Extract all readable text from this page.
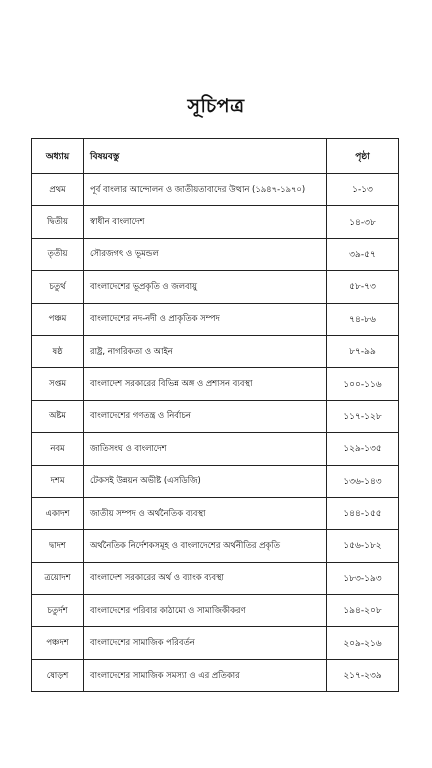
সূচিপত্র
অধ্যায়	বিষয়বস্তু	পৃষ্ঠা
প্রথম	পূর্ব বাংলার আন্দোলন ও জাতীয়তাবাদের উত্থান (১৯৪৭-১৯৭০)	১-১৩
দ্বিতীয়	স্বাধীন বাংলাদেশ	১৪-৩৮
তৃতীয়	সৌরজগৎ ও ভূমন্ডল	৩৯-৫৭
চতুর্থ	বাংলাদেশের ভূপ্রকৃতি ও জলবায়ু	৫৮-৭৩
পঞ্চম	বাংলাদেশের নদ-নদী ও প্রাকৃতিক সম্পদ	৭৪-৮৬
ষষ্ঠ	রাষ্ট্র, নাগরিকতা ও আইন	৮৭-৯৯
সপ্তম	বাংলাদেশ সরকারের বিভিন্ন অঙ্গ ও প্রশাসন ব্যবস্থা	১০০-১১৬
অষ্টম	বাংলাদেশের গণতন্ত্র ও নির্বাচন	১১৭-১২৮
নবম	জাতিসংঘ ও বাংলাদেশ	১২৯-১৩৫
দশম	টেকসই উন্নয়ন অভীষ্ট (এসডিজি)	১৩৬-১৪৩
একাদশ	জাতীয় সম্পদ ও অর্থনৈতিক ব্যবস্থা	১৪৪-১৫৫
দ্বাদশ	অর্থনৈতিক নির্দেশকসমূহ ও বাংলাদেশের অর্থনীতির প্রকৃতি	১৫৬-১৮২
ত্রয়োদশ	বাংলাদেশ সরকারের অর্থ ও ব্যাংক ব্যবস্থা	১৮৩-১৯৩
চতুর্দশ	বাংলাদেশের পরিবার কাঠামো ও সামাজিকীকরণ	১৯৪-২০৮
পঞ্চদশ	বাংলাদেশের সামাজিক পরিবর্তন	২০৯-২১৬
ষোড়শ	বাংলাদেশের সামাজিক সমস্যা ও এর প্রতিকার	২১৭-২৩৯
